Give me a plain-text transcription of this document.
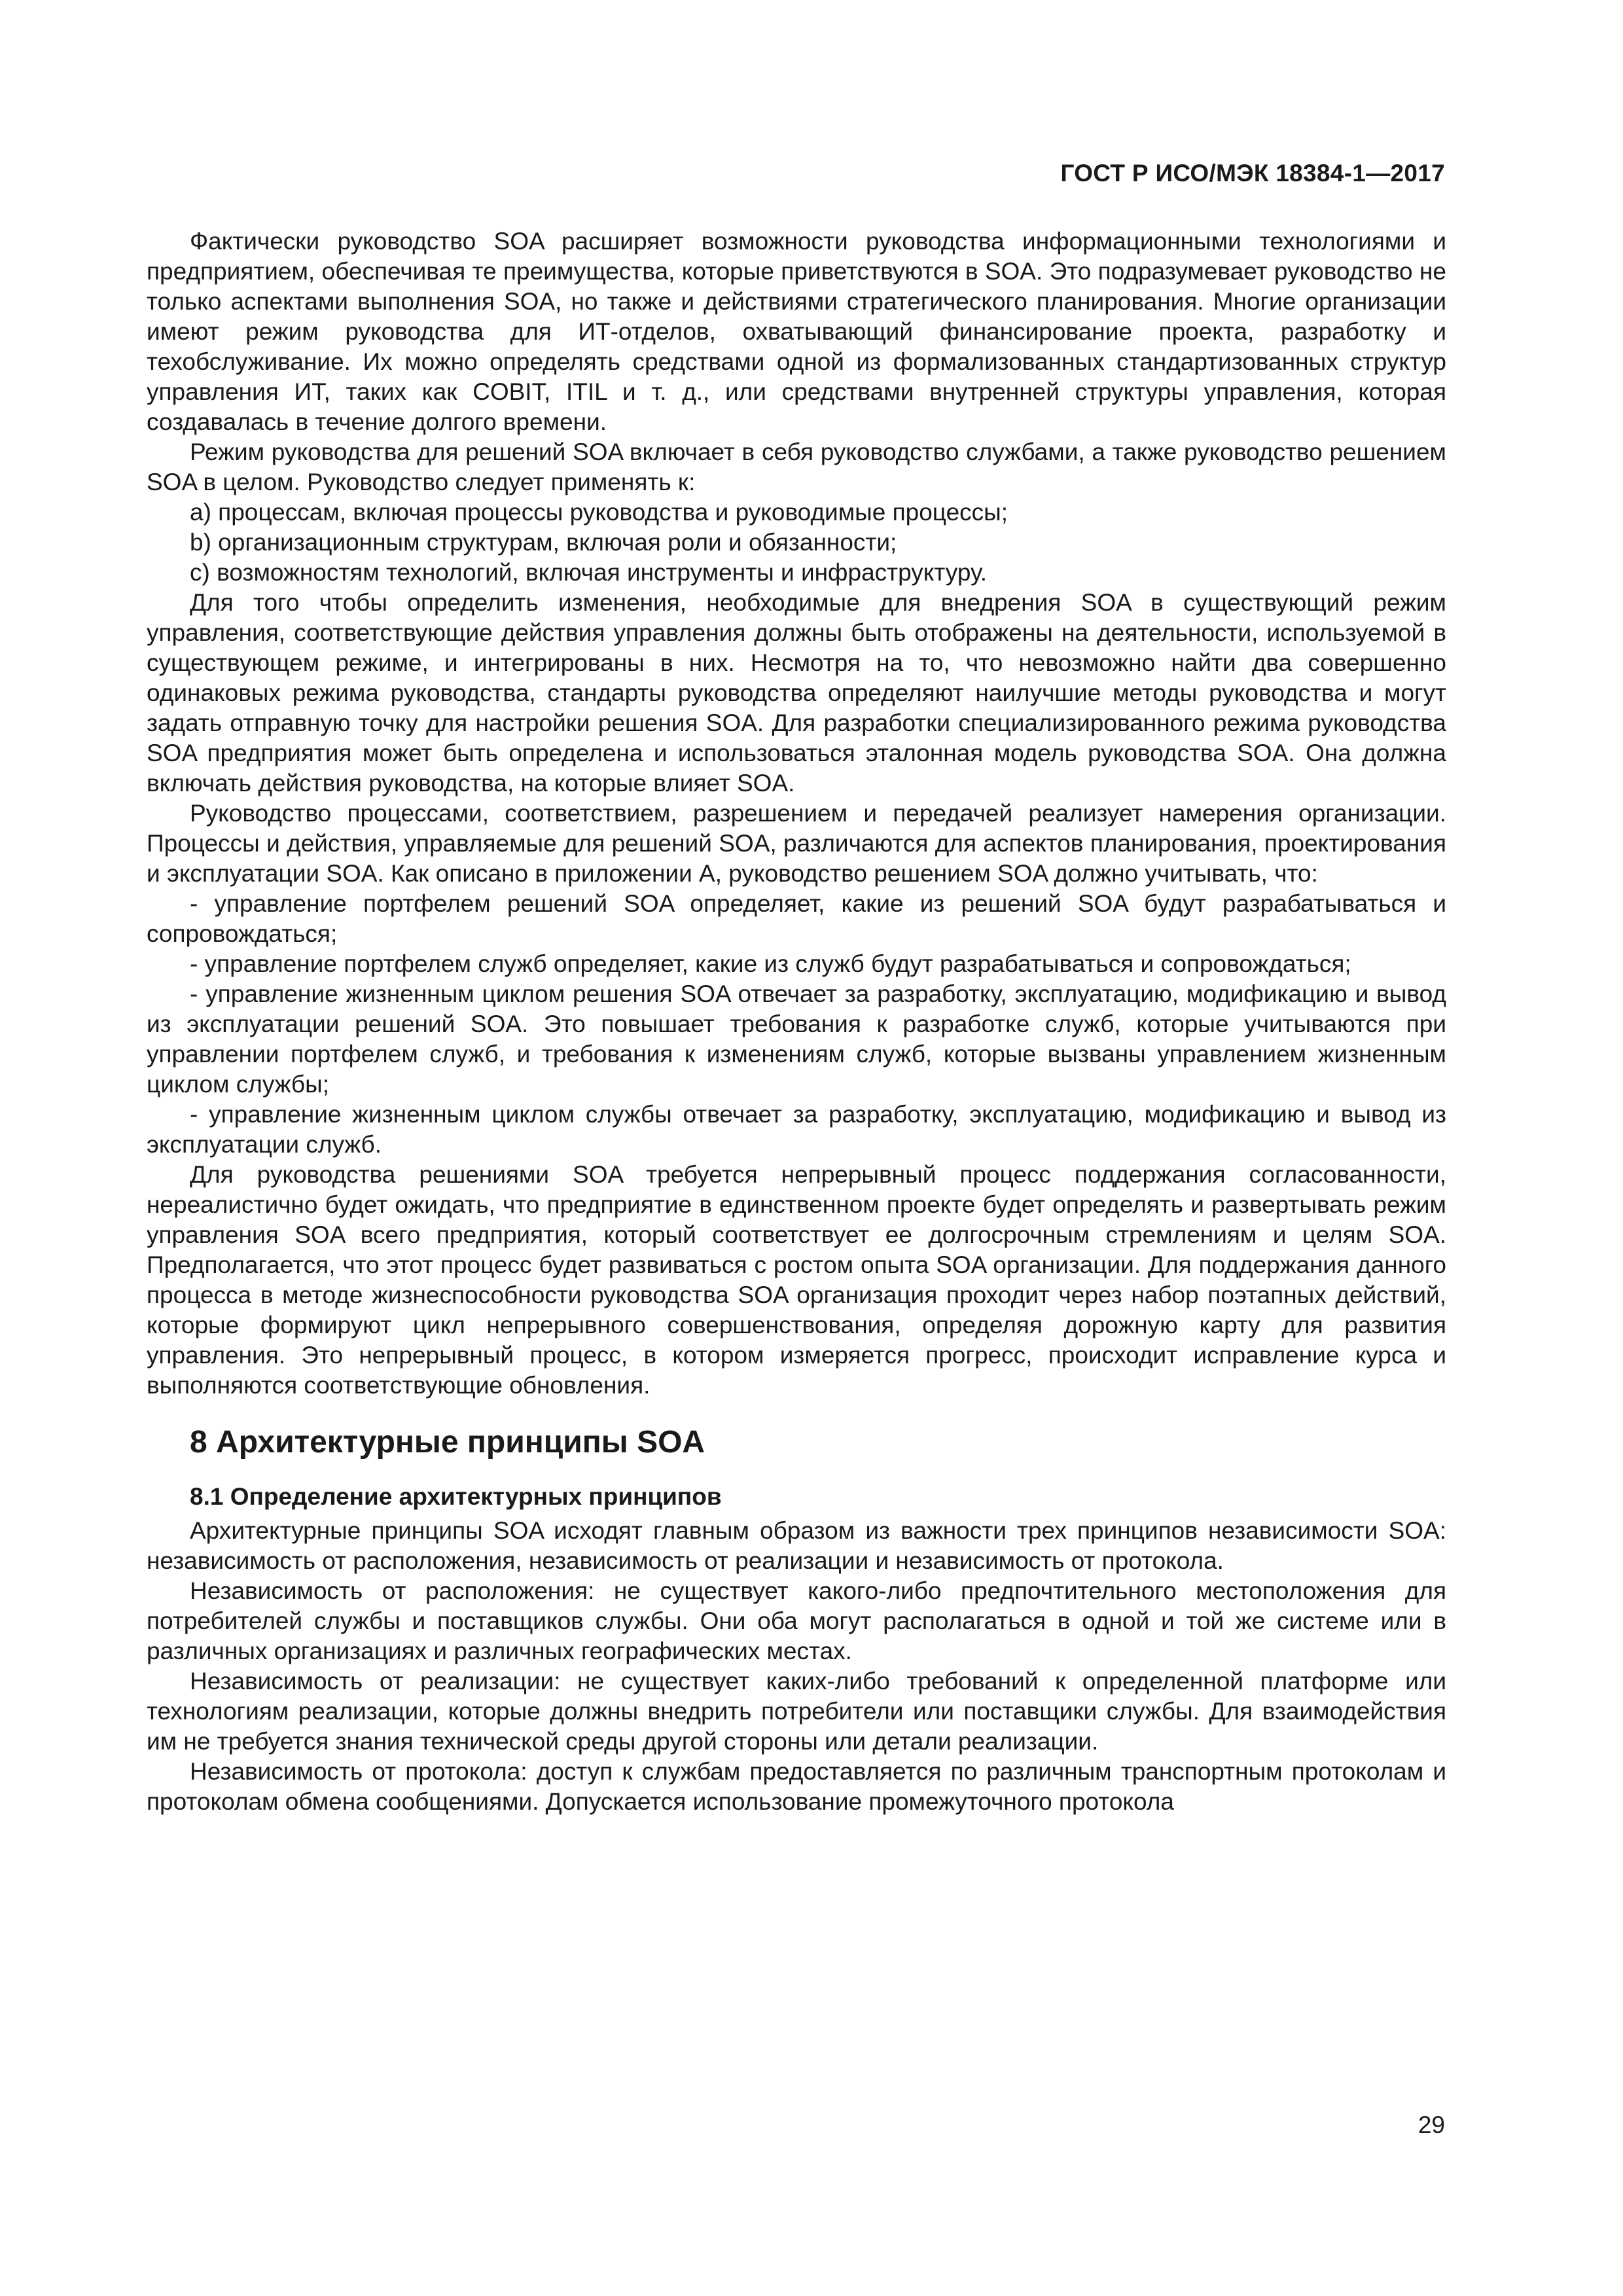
ГОСТ Р ИСО/МЭК 18384-1—2017

Фактически руководство SOA расширяет возможности руководства информационными технологиями и предприятием, обеспечивая те преимущества, которые приветствуются в SOA. Это подразумевает руководство не только аспектами выполнения SOA, но также и действиями стратегического планирования. Многие организации имеют режим руководства для ИТ-отделов, охватывающий финансирование проекта, разработку и техобслуживание. Их можно определять средствами одной из формализованных стандартизованных структур управления ИТ, таких как COBIT, ITIL и т. д., или средствами внутренней структуры управления, которая создавалась в течение долгого времени.

Режим руководства для решений SOA включает в себя руководство службами, а также руководство решением SOA в целом. Руководство следует применять к:

a) процессам, включая процессы руководства и руководимые процессы;

b) организационным структурам, включая роли и обязанности;

c) возможностям технологий, включая инструменты и инфраструктуру.

Для того чтобы определить изменения, необходимые для внедрения SOA в существующий режим управления, соответствующие действия управления должны быть отображены на деятельности, используемой в существующем режиме, и интегрированы в них. Несмотря на то, что невозможно найти два совершенно одинаковых режима руководства, стандарты руководства определяют наилучшие методы руководства и могут задать отправную точку для настройки решения SOA. Для разработки специализированного режима руководства SOA предприятия может быть определена и использоваться эталонная модель руководства SOA. Она должна включать действия руководства, на которые влияет SOA.

Руководство процессами, соответствием, разрешением и передачей реализует намерения организации. Процессы и действия, управляемые для решений SOA, различаются для аспектов планирования, проектирования и эксплуатации SOA. Как описано в приложении А, руководство решением SOA должно учитывать, что:

- управление портфелем решений SOA определяет, какие из решений SOA будут разрабатываться и сопровождаться;

- управление портфелем служб определяет, какие из служб будут разрабатываться и сопровождаться;

- управление жизненным циклом решения SOA отвечает за разработку, эксплуатацию, модификацию и вывод из эксплуатации решений SOA. Это повышает требования к разработке служб, которые учитываются при управлении портфелем служб, и требования к изменениям служб, которые вызваны управлением жизненным циклом службы;

- управление жизненным циклом службы отвечает за разработку, эксплуатацию, модификацию и вывод из эксплуатации служб.

Для руководства решениями SOA требуется непрерывный процесс поддержания согласованности, нереалистично будет ожидать, что предприятие в единственном проекте будет определять и развертывать режим управления SOA всего предприятия, который соответствует ее долгосрочным стремлениям и целям SOA. Предполагается, что этот процесс будет развиваться с ростом опыта SOA организации. Для поддержания данного процесса в методе жизнеспособности руководства SOA организация проходит через набор поэтапных действий, которые формируют цикл непрерывного совершенствования, определяя дорожную карту для развития управления. Это непрерывный процесс, в котором измеряется прогресс, происходит исправление курса и выполняются соответствующие обновления.

8 Архитектурные принципы SOA
8.1 Определение архитектурных принципов

Архитектурные принципы SOA исходят главным образом из важности трех принципов независимости SOA: независимость от расположения, независимость от реализации и независимость от протокола.

Независимость от расположения: не существует какого-либо предпочтительного местоположения для потребителей службы и поставщиков службы. Они оба могут располагаться в одной и той же системе или в различных организациях и различных географических местах.

Независимость от реализации: не существует каких-либо требований к определенной платформе или технологиям реализации, которые должны внедрить потребители или поставщики службы. Для взаимодействия им не требуется знания технической среды другой стороны или детали реализации.

Независимость от протокола: доступ к службам предоставляется по различным транспортным протоколам и протоколам обмена сообщениями. Допускается использование промежуточного протокола

29
